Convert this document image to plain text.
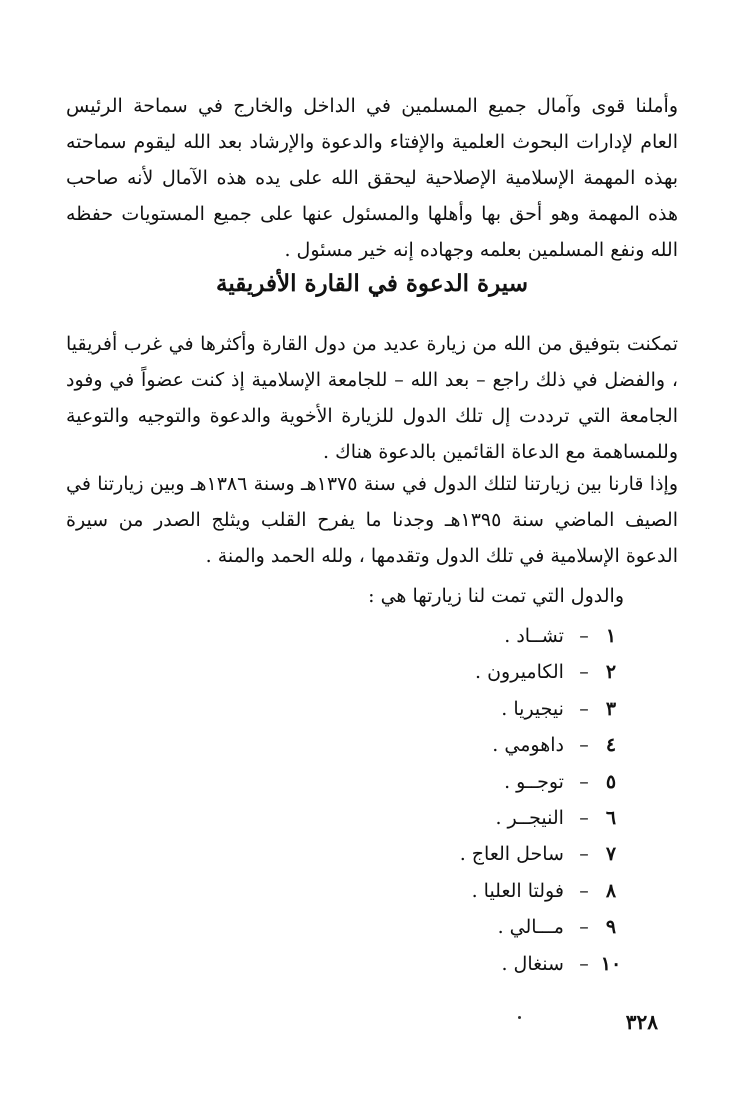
وأملنا قوى وآمال جميع المسلمين في الداخل والخارج في سماحة الرئيس العام لإدارات البحوث العلمية والإفتاء والدعوة والإرشاد بعد الله ليقوم سماحته بهذه المهمة الإسلامية الإصلاحية ليحقق الله على يده هذه الآمال لأنه صاحب هذه المهمة وهو أحق بها وأهلها والمسئول عنها على جميع المستويات حفظه الله ونفع المسلمين بعلمه وجهاده إنه خير مسئول .

سيرة الدعوة في القارة الأفريقية

تمكنت بتوفيق من الله من زيارة عديد من دول القارة وأكثرها في غرب أفريقيا ، والفضل في ذلك راجع – بعد الله – للجامعة الإسلامية إذ كنت عضواً في وفود الجامعة التي ترددت إل تلك الدول للزيارة الأخوية والدعوة والتوجيه والتوعية وللمساهمة مع الدعاة القائمين بالدعوة هناك .

وإذا قارنا بين زيارتنا لتلك الدول في سنة ١٣٧٥هـ وسنة ١٣٨٦هـ وبين زيارتنا في الصيف الماضي سنة ١٣٩٥هـ وجدنا ما يفرح القلب ويثلج الصدر من سيرة الدعوة الإسلامية في تلك الدول وتقدمها ، ولله الحمد والمنة .

والدول التي تمت لنا زيارتها هي :

١– تشــاد .
٢– الكاميرون .
٣– نيجيريا .
٤– داهومي .
٥– توجــو .
٦– النيجــر .
٧– ساحل العاج .
٨– فولتا العليا .
٩– مـــالي .
١٠– سنغال .

٣٢٨
